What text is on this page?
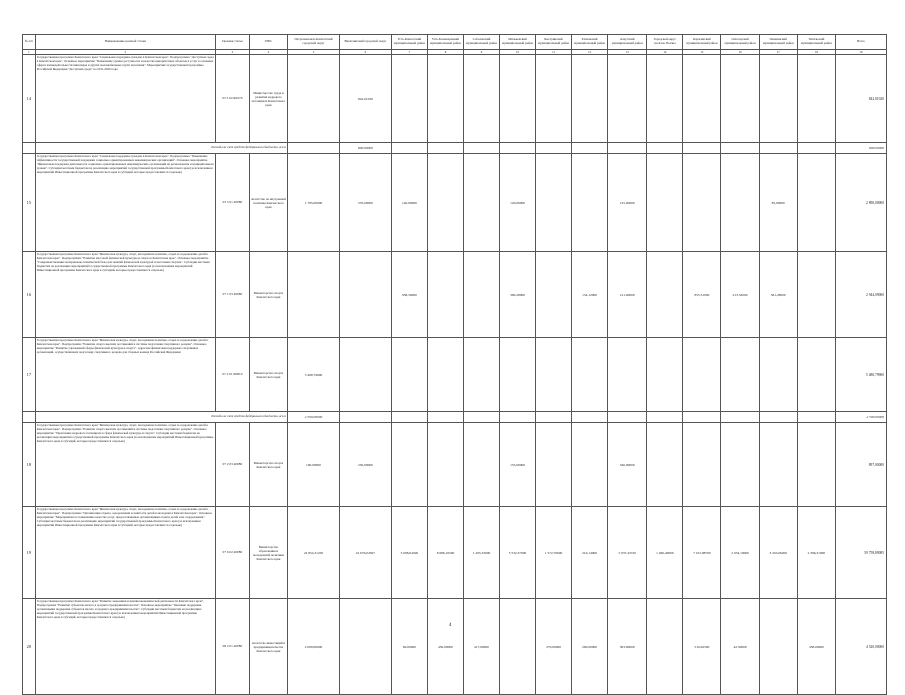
№ п/п	Наименование целевой статьи	Целевая статья	ГРБС	Петропавловск-Камчатский городской округ	Вилючинский городской округ	Усть-Камчатский муниципальный район	Усть-Большерецкий муниципальный район	Соболевский муниципальный район	Мильковский муниципальный район	Быстринский муниципальный район	Елизовский муниципальный район	Алеутский муниципальный район	Городской округ посёлок Палана	Карагинский муниципальный район	Олюторский муниципальный район	Пенжинский муниципальный район	Тигильский муниципальный район	Всего
1	2	3	4	5	6	7	8	9	10	11	12	13	14	15	16	17	18	19
14	Государственная программа Камчатского края "Социальная поддержка граждан в Камчатском крае". Подпрограмма "Доступная среда в Камчатском крае". Основное мероприятие "Повышение уровня доступности и качества приоритетных объектов и услуг в основных сферах жизнедеятельности инвалидов и других маломобильных групп населения". Мероприятия государственной программы Российской Федерации "Доступная среда" на 2011-2020 годы	03 3 02 R0270	Министерство труда и развития кадрового потенциала Камчатского края		842,01020													842,01020
	Расходы за счет средств федерального бюджета, всего				800,00000													800,00000
15	Государственная программа Камчатского края "Социальная поддержка граждан в Камчатском крае". Подпрограмма "Повышение эффективности государственной поддержки социально ориентированных некоммерческих организаций". Основное мероприятие "Финансовая поддержка деятельности социально ориентированных некоммерческих организаций на региональном и муниципальном уровне". Субсидии местным бюджетам на реализацию мероприятий государственной программы Камчатского края (за исключением мероприятий Инвестиционной программы Камчатского края и субсидий, которые предоставляются отдельно)	03 5 01 40080	Агентство по внутренней политике Камчатского края	1 785,00000	535,00000	140,00000			120,00000			125,00000				85,00000		2 890,00000
16	Государственная программа Камчатского края "Физическая культура, спорт, молодежная политика, отдых и оздоровление детей в Камчатском крае". Подпрограмма "Развитие массовой физической культуры и спорта в Камчатском крае". Основное мероприятие "Совершенствование материально-технической базы для занятий физической культурой и массовым спортом". Субсидии местным бюджетам на реализацию мероприятий государственной программы Камчатского края (за исключением мероприятий Инвестиционной программы Камчатского края и субсидий, которые предоставляются отдельно)	07 1 03 40080	Министерство спорта Камчатского края			938,59000			300,28000		154,12000	121,00000		855,31000	213,52000	361,28000		2 944,09000
17	Государственная программа Камчатского края "Физическая культура, спорт, молодежная политика, отдых и оздоровление детей в Камчатском крае". Подпрограмма "Развитие спорта высших достижений и системы подготовки спортивного резерва". Основное мероприятие "Развитие учреждений сферы физической культуры и спорта". Адресная финансовая поддержка спортивных организаций, осуществляющих подготовку спортивного резерва для сборных команд Российской Федерации	07 2 01 R0810	Министерство спорта Камчатского края	5 480,79900														5 480,79900
	Расходы за счет средств федерального бюджета, всего			2 500,00000														2 500,00000
18	Государственная программа Камчатского края "Физическая культура, спорт, молодежная политика, отдых и оздоровление детей в Камчатском крае". Подпрограмма "Развитие спорта высших достижений и системы подготовки спортивного резерва". Основное мероприятие "Укрепление кадрового потенциала в сфере физической культуры и спорта". Субсидии местным бюджетам на реализацию мероприятий государственной программы Камчатского края (за исключением мероприятий Инвестиционной программы Камчатского края и субсидий, которые предоставляются отдельно)	07 2 03 40080	Министерство спорта Камчатского края	100,00000	250,00000				155,00000			340,00000						897,00000
19	Государственная программа Камчатского края "Физическая культура, спорт, молодежная политика, отдых и оздоровление детей в Камчатском крае". Подпрограмма "Организация отдыха, оздоровления и занятости детей и молодежи в Камчатском крае". Основное мероприятие "Мероприятия по повышению качества услуг, предоставляемых организациями отдыха детей и их оздоровления". Субсидии местным бюджетам на реализацию мероприятий государственной программы Камчатского края (за исключением мероприятий Инвестиционной программы Камчатского края и субсидий, которые предоставляются отдельно)	07 6 02 40080	Министерство образования и молодежной политики Камчатского края	24 854,31250	22 676,04597	5 098,04500	8 686,16500	1 295,33000	5 532,37000	1 572,76000	210,14000	5 037,43720	1 466,40000	7 015,88700	2 034,10000	3 455,66200	2 396,31000	59 758,89085
20	Государственная программа Камчатского края "Развитие экономики и внешнеэкономической деятельности Камчатского края". Подпрограмма "Развитие субъектов малого и среднего предпринимательства". Основное мероприятие "Оказание поддержки организациям поддержки субъектов малого и среднего предпринимательства". Субсидии местным бюджетам на реализацию мероприятий государственной программы Камчатского края (за исключением мероприятий Инвестиционной программы Камчатского края и субсидий, которые предоставляются отдельно)	08 2 01 40080	Агентство инвестиций и предпринимательства Камчатского края	2 000,00000		60,00000	450,00000	417,00000		270,00000	290,00000	303,00000		510,62500	42,50000		458,00000	4 520,00000
4
